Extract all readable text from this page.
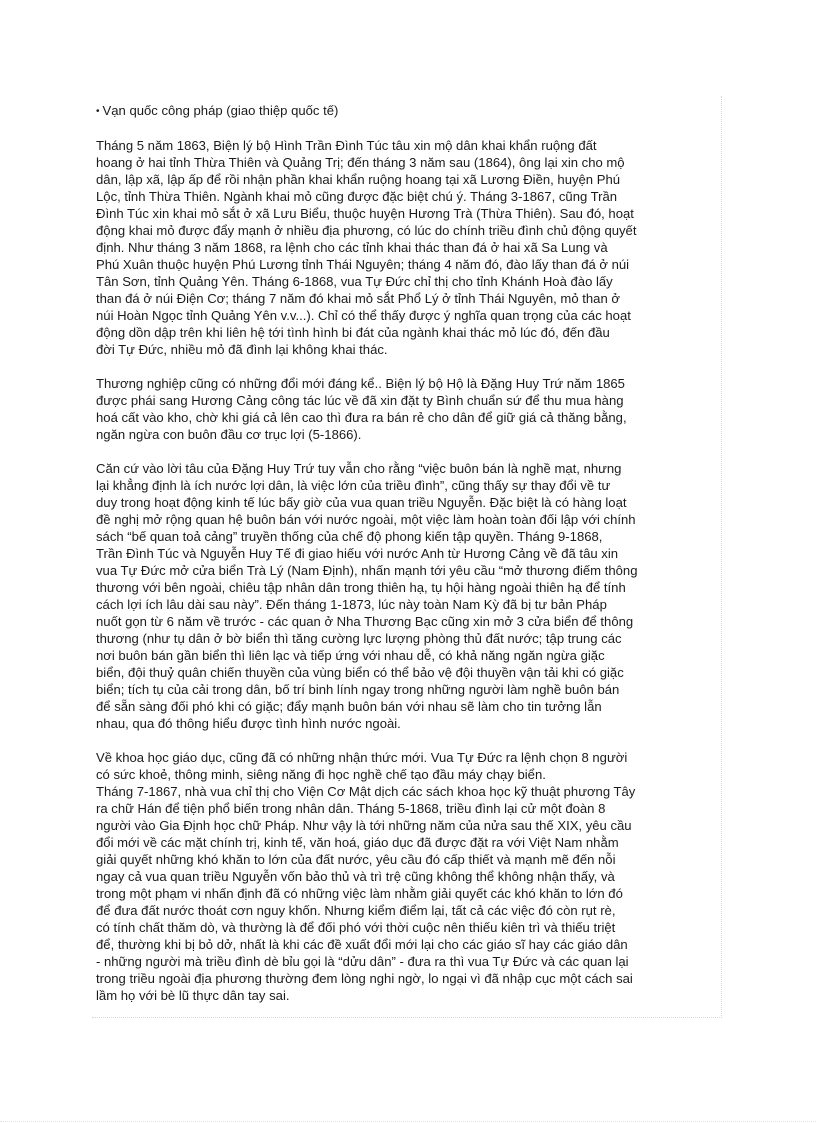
• Vạn quốc công pháp (giao thiệp quốc tế)
Tháng 5 năm 1863, Biện lý bộ Hình Trần Đình Túc tâu xin mộ dân khai khẩn ruộng đất
hoang ở hai tỉnh Thừa Thiên và Quảng Trị; đến tháng 3 năm sau (1864), ông lại xin cho mộ
dân, lập xã, lập ấp để rồi nhận phần khai khẩn ruộng hoang tại xã Lương Điền, huyện Phú
Lộc, tỉnh Thừa Thiên. Ngành khai mỏ cũng được đặc biệt chú ý. Tháng 3-1867, cũng Trần
Đình Túc xin khai mỏ sắt ở xã Lưu Biểu, thuộc huyện Hương Trà (Thừa Thiên). Sau đó, hoạt
động khai mỏ được đẩy mạnh ở nhiều địa phương, có lúc do chính triều đình chủ động quyết
định. Như tháng 3 năm 1868, ra lệnh cho các tỉnh khai thác than đá ở hai xã Sa Lung và
Phú Xuân thuộc huyện Phú Lương tỉnh Thái Nguyên; tháng 4 năm đó, đào lấy than đá ở núi
Tân Sơn, tỉnh Quảng Yên. Tháng 6-1868, vua Tự Đức chỉ thị cho tỉnh Khánh Hoà đào lấy
than đá ở núi Điện Cơ; tháng 7 năm đó khai mỏ sắt Phổ Lý ở tỉnh Thái Nguyên, mỏ than ở
núi Hoàn Ngọc tỉnh Quảng Yên v.v...). Chỉ có thể thấy được ý nghĩa quan trọng của các hoạt
động dồn dập trên khi liên hệ tới tình hình bi đát của ngành khai thác mỏ lúc đó, đến đầu
đời Tự Đức, nhiều mỏ đã đình lại không khai thác.
Thương nghiệp cũng có những đổi mới đáng kể.. Biện lý bộ Hộ là Đặng Huy Trứ năm 1865
được phái sang Hương Cảng công tác lúc về đã xin đặt ty Bình chuẩn sứ để thu mua hàng
hoá cất vào kho, chờ khi giá cả lên cao thì đưa ra bán rẻ cho dân để giữ giá cả thăng bằng,
ngăn ngừa con buôn đầu cơ trục lợi (5-1866).
Căn cứ vào lời tâu của Đặng Huy Trứ tuy vẫn cho rằng “việc buôn bán là nghề mạt, nhưng
lại khẳng định là ích nước lợi dân, là việc lớn của triều đình”, cũng thấy sự thay đổi về tư
duy trong hoạt động kinh tế lúc bấy giờ của vua quan triều Nguyễn. Đặc biệt là có hàng loạt
đề nghị mở rộng quan hệ buôn bán với nước ngoài, một việc làm hoàn toàn đối lập với chính
sách “bế quan toả cảng” truyền thống của chế độ phong kiến tập quyền. Tháng 9-1868,
Trần Đình Túc và Nguyễn Huy Tế đi giao hiếu với nước Anh từ Hương Cảng về đã tâu xin
vua Tự Đức mở cửa biển Trà Lý (Nam Định), nhấn mạnh tới yêu cầu “mở thương điếm thông
thương với bên ngoài, chiêu tập nhân dân trong thiên hạ, tụ hội hàng ngoài thiên hạ để tính
cách lợi ích lâu dài sau này”. Đến tháng 1-1873, lúc này toàn Nam Kỳ đã bị tư bản Pháp
nuốt gọn từ 6 năm về trước - các quan ở Nha Thương Bạc cũng xin mở 3 cửa biển để thông
thương (như tụ dân ở bờ biển thì tăng cường lực lượng phòng thủ đất nước; tập trung các
nơi buôn bán gần biển thì liên lạc và tiếp ứng với nhau dễ, có khả năng ngăn ngừa giặc
biển, đội thuỷ quân chiến thuyền của vùng biển có thể bảo vệ đội thuyền vận tải khi có giặc
biển; tích tụ của cải trong dân, bố trí binh lính ngay trong những người làm nghề buôn bán
để sẵn sàng đối phó khi có giặc; đẩy mạnh buôn bán với nhau sẽ làm cho tin tưởng lẫn
nhau, qua đó thông hiểu được tình hình nước ngoài.
Về khoa học giáo dục, cũng đã có những nhận thức mới. Vua Tự Đức ra lệnh chọn 8 người
có sức khoẻ, thông minh, siêng năng đi học nghề chế tạo đầu máy chạy biển.
Tháng 7-1867, nhà vua chỉ thị cho Viện Cơ Mật dịch các sách khoa học kỹ thuật phương Tây
ra chữ Hán để tiện phổ biến trong nhân dân. Tháng 5-1868, triều đình lại cử một đoàn 8
người vào Gia Định học chữ Pháp. Như vậy là tới những năm của nửa sau thế XIX, yêu cầu
đổi mới về các mặt chính trị, kinh tế, văn hoá, giáo dục đã được đặt ra với Việt Nam nhằm
giải quyết những khó khăn to lớn của đất nước, yêu cầu đó cấp thiết và mạnh mẽ đến nỗi
ngay cả vua quan triều Nguyễn vốn bảo thủ và trì trệ cũng không thể không nhận thấy, và
trong một phạm vi nhấn định đã có những việc làm nhằm giải quyết các khó khăn to lớn đó
để đưa đất nước thoát cơn nguy khốn. Nhưng kiểm điểm lại, tất cả các việc đó còn rụt rè,
có tính chất thăm dò, và thường là để đối phó với thời cuộc nên thiếu kiên trì và thiếu triệt
để, thường khi bị bỏ dở, nhất là khi các đề xuất đổi mới lại cho các giáo sĩ hay các giáo dân
- những người mà triều đình dè bỉu gọi là “dửu dân” - đưa ra thì vua Tự Đức và các quan lại
trong triều ngoài địa phương thường đem lòng nghi ngờ, lo ngại vì đã nhập cục một cách sai
lầm họ với bè lũ thực dân tay sai.
